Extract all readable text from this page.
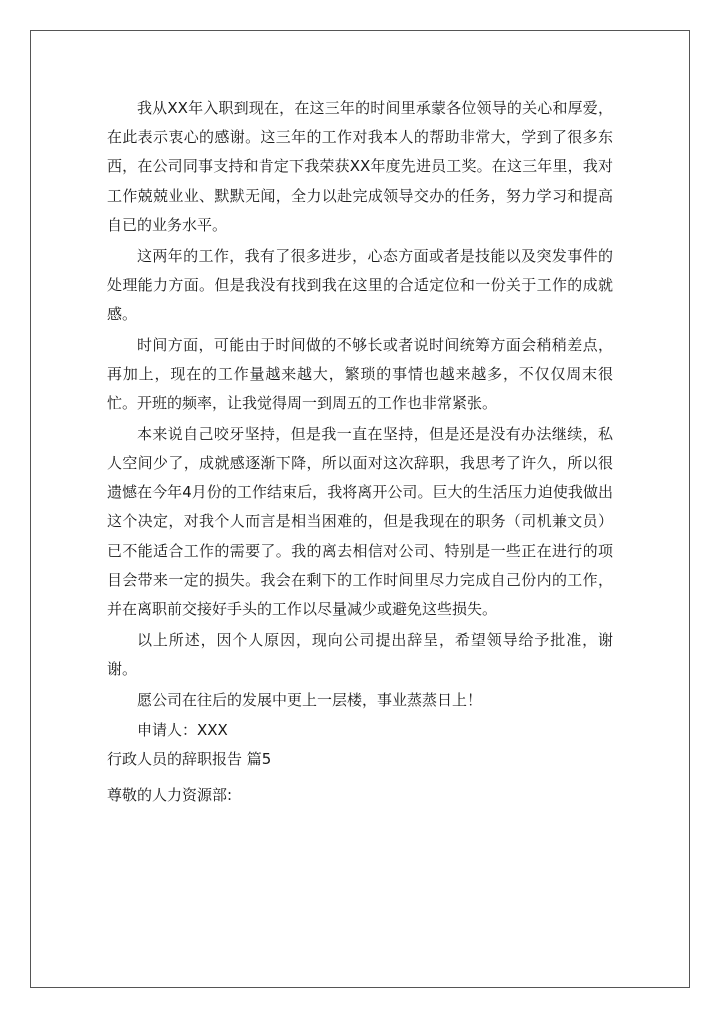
我从XX年入职到现在，在这三年的时间里承蒙各位领导的关心和厚爱，在此表示衷心的感谢。这三年的工作对我本人的帮助非常大，学到了很多东西，在公司同事支持和肯定下我荣获XX年度先进员工奖。在这三年里，我对工作兢兢业业、默默无闻，全力以赴完成领导交办的任务，努力学习和提高自已的业务水平。

这两年的工作，我有了很多进步，心态方面或者是技能以及突发事件的处理能力方面。但是我没有找到我在这里的合适定位和一份关于工作的成就感。

时间方面，可能由于时间做的不够长或者说时间统筹方面会稍稍差点，再加上，现在的工作量越来越大，繁琐的事情也越来越多，不仅仅周末很忙。开班的频率，让我觉得周一到周五的工作也非常紧张。

本来说自己咬牙坚持，但是我一直在坚持，但是还是没有办法继续，私人空间少了，成就感逐渐下降，所以面对这次辞职，我思考了许久，所以很遗憾在今年4月份的工作结束后，我将离开公司。巨大的生活压力迫使我做出这个决定，对我个人而言是相当困难的，但是我现在的职务（司机兼文员）已不能适合工作的需要了。我的离去相信对公司、特别是一些正在进行的项目会带来一定的损失。我会在剩下的工作时间里尽力完成自己份内的工作，并在离职前交接好手头的工作以尽量减少或避免这些损失。

以上所述，因个人原因，现向公司提出辞呈，希望领导给予批准，谢谢。

愿公司在往后的发展中更上一层楼，事业蒸蒸日上！

申请人：XXX

行政人员的辞职报告 篇5

尊敬的人力资源部:
